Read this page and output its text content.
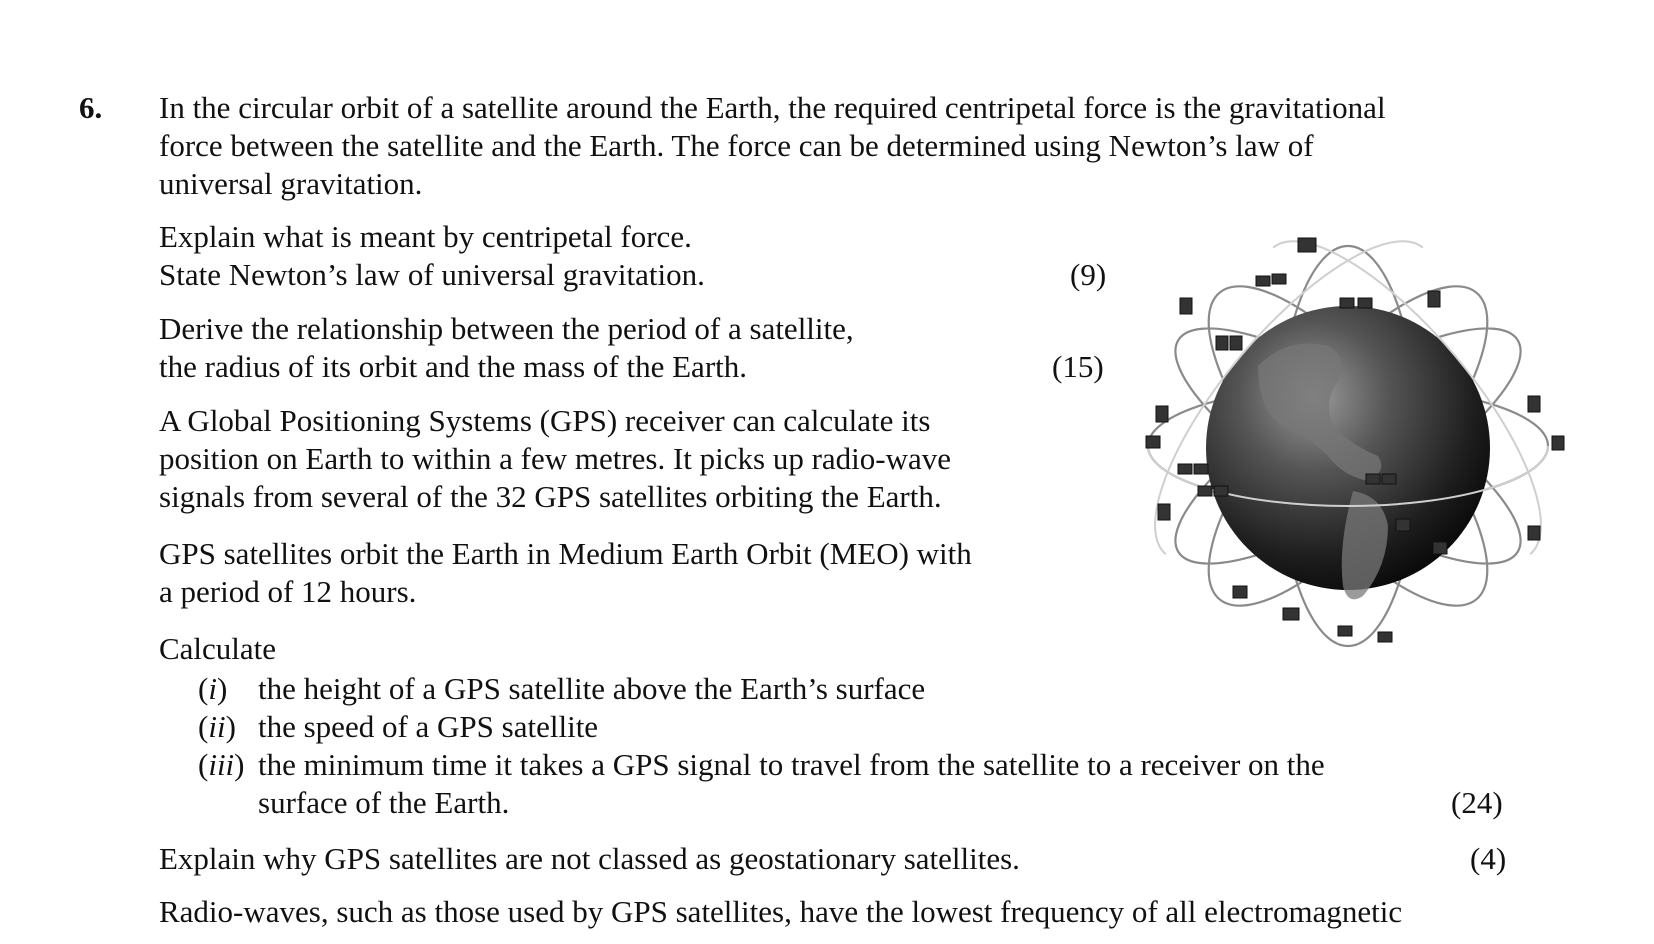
6. In the circular orbit of a satellite around the Earth, the required centripetal force is the gravitational
force between the satellite and the Earth. The force can be determined using Newton’s law of
universal gravitation.
Explain what is meant by centripetal force.
State Newton’s law of universal gravitation.	(9)
Derive the relationship between the period of a satellite,
the radius of its orbit and the mass of the Earth.	(15)
A Global Positioning Systems (GPS) receiver can calculate its
position on Earth to within a few metres. It picks up radio-wave
signals from several of the 32 GPS satellites orbiting the Earth.
GPS satellites orbit the Earth in Medium Earth Orbit (MEO) with
a period of 12 hours.
Calculate
(i) the height of a GPS satellite above the Earth’s surface
(ii) the speed of a GPS satellite
(iii) the minimum time it takes a GPS signal to travel from the satellite to a receiver on the
surface of the Earth.	(24)
Explain why GPS satellites are not classed as geostationary satellites.	(4)
Radio-waves, such as those used by GPS satellites, have the lowest frequency of all electromagnetic
